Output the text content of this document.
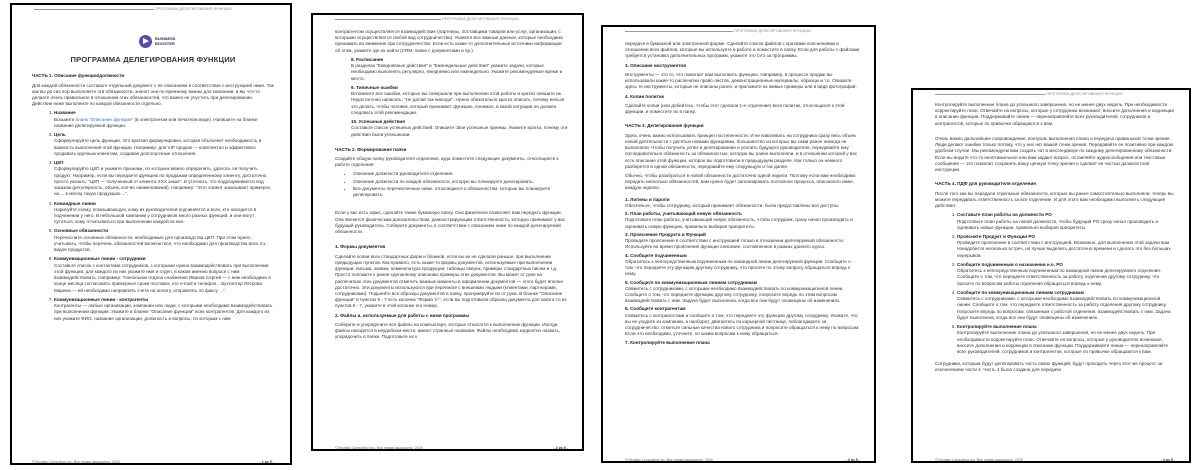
ПРОГРАММА ДЕЛЕГИРОВАНИЯ ФУНКЦИИ
BUSINESS
BOOSTER
ПРОГРАММА ДЕЛЕГИРОВАНИЯ ФУНКЦИИ
ЧАСТЬ 1. Описание функции/должности

Для каждой обязанности составьте отдельный документ с ее описанием в соответствии с инструкцией ниже. Так как вы до сих пор выполняете эти обязанности, значит они по-прежнему важны для компании, и вы что-то делаете очень правильное в отношении этих обязанностей, что важно не упустить при делегировании. Действие ниже выполните по каждой обязанности отдельно.

1. Название
Возьмите бланк "Описание функции" (в электронном или печатном виде). Напишите на бланке название делегируемой функции.
2. Цель
Сформулируйте цель функции. Это краткая формулировка, которая объясняет необходимость и важность выполнения этой функции. Например: для VIP продаж — комплектно и эффективно продавать крупным клиентам, создавая долгосрочные отношения.
3. ЦКП
Сформулируйте ЦКП и укажите признаки, по которым можно определить, удалось ли получить продукт. Например, если вы передаете функцию по продажам определенному клиенту, достаточно просто указать: "ЦКП — полученный от клиента XXX заказ". И уточнить, что подразумевается под заказом (регулярность, объем, кол-во наименований). Например: "Этот клиент заказывает примерно на ... в месяц такую продукцию ...".
4. Командные линии
Нарисуйте схему, показывающую, кому из руководителей подчиняется и всех, кто находится в подчинении у него. В небольшой компании у сотрудников много разных функций, и они могут путаться, кому отчитываться при выполнении каждой из них.
5. Основные обязанности
Перечислите основные обязанности, необходимые для производства ЦКП. При этом нужно учитывать, чтобы перечень обязанностей включал все, что необходимо для производства всех 4-х видов продуктов.
6. Коммуникационные линии - сотрудники
Составьте список с контактами сотрудников, с которыми нужно взаимодействовать при выполнении этой функции, для каждого из них укажите имя и отдел, в каком именно вопросе с ним взаимодействовать. Например: "Начальник отдела снабжения Иванов Сергей — с ним необходимо в конце месяца согласовать примерные сроки поставок, его e-mail и телефон... Бухгалтер Петрова Марина — ей необходимо направлять счета на оплату, отправлять по факсу ...".
7. Коммуникационные линии - контрагенты
Контрагенты — любые организации, компании или люди, с которыми необходимо взаимодействовать при выполнении функции. Укажите в бланке "Описание функции" всех контрагентов. Для каждого из них укажите ФИО, название организации, должность и вопросы, по которым с ним
©Visotsky Consulting Inc. Все права защищены. 2020	- 1 из 5 -
ПРОГРАММА ДЕЛЕГИРОВАНИЯ ФУНКЦИИ

контрагентом осуществляется взаимодействие (партнеры, поставщики товаров или услуг, организации, с которыми осуществляется любой вид сотрудничества). Укажите все важные данные, которые необходимо принимать во внимание при сотрудничестве. Если есть какие-то дополнительные источники информации об этом, укажите где их найти (CRM, папки с документами и пр.).

8. Расписание
В разделах "Ежедневные действия" и "Еженедельные действия" укажите задачи, которые необходимо выполнять регулярно, ежедневно или еженедельно. Укажите рекомендуемое время и место.
9. Типичные ошибки
Вспомните все ошибки, которые вы совершали при выполнении этой работы и кратко опишите их. Недостаточно написать: "Не делай так никогда". Нужно обязательно кратко описать, почему нельзя это делать, чтобы человек, который принимает функцию, понимал, в какой ситуации он должен следовать этой рекомендации.
10. Успешные действия
Составьте список успешных действий. Опишите свои успешные приемы. Укажите кратко, почему эти действия были успешными.
ЧАСТЬ 2. Формирование папки

Создайте общую папку руководителя отделения, куда поместите следующие документы, относящиеся к работе отделения:

• Описание должности руководителя отделения.
• Описание должности по каждой обязанности, которую вы планируете делегировать.
• Все документы перечисленные ниже, относящиеся к обязанностям, которые вы планируете делегировать.

Если у вас есть офис, сделайте также бумажную папку. Она физически позволяет вам передать функции. Она является физическим доказательством, демонстрирующим ответственность, которую принимает у вас будущий руководитель. Соберите документы, в соответствии с описанием ниже по каждой делегируемой обязанности.

1. Формы документов

Сделайте копии всех стандартных форм и бланков, если вы их не сделали раньше, при выполнении предыдущих пунктов. Как правило, есть какие-то формы документов, используемые при выполнении функции: письма, заявки, номенклатура продукции, таблицы сверок, примеры стандартных писем и т.д. Просто положите к ранее сделанному описанию примеры этих документов. Вы может от руки на распечатках этих документов отметить важные моменты в оформлении документов — этого будет вполне достаточно. Эти документы используются при переписке с внешними людьми (клиентами, партнерами, сотрудниками). Подшейте все образцы документов в папку, пронумеруйте их от руки. В бланке "Описание функции" в пунктах 5 - 7 есть колонка "Форма т/-", если вы подготовили образец документа для какого-то из пунктов 5 - 7, укажите в этой колонке его номер.

2. Файлы и, используемые для работы с ними программы

Соберите и упорядочите все файлы на компьютере, которые относятся к выполнению функции. Иногда файлы находятся в неудобном месте, имеют странные названия. Файлы необходимо корректно назвать, упорядочить в папки. Подготовьте их к

©Visotsky Consulting Inc. Все права защищены. 2020	- 2 из 5 -
ПРОГРАММА ДЕЛЕГИРОВАНИЯ ФУНКЦИИ

передаче в бумажной или электронной форме. Сделайте список файлов с краткими пояснениями в отношении всех файлов, которые вы используете в работе и поместите в папку. Если для работы с файлами требуется установка дополнительных программ, укажите это (это за программы.

3. Описание инструментов

Инструменты — это то, что помогает вам выполнить функцию. Например, в процессе продаж вы использовали какие-то распечатки прайс-листов, демонстрационные материалы, образцы и т.п. Опишите здесь те инструменты, которые не описаны ранее, и приложите их живые примеры или в виде фотографий.

4. Копии политик

Сделайте копии (или добейтесь, чтобы этот сделали 1-е отделение) всех политик, относящихся к этой функции, и поместите их в папку.

ЧАСТЬ 3. Делегирование функции

Здесь очень важно использовать принцип постепенности. И не взваливать на сотрудника сразу весь объем новой деятельности с десятью новыми функциями, большинство из которых вы сами ранее никогда не выполняли. Чтобы получить успех в делегировании и усилить будущего руководителя, передавайте ему последовательно обязанность за обязанностью, которую вы ранее выполняли, и в отношении которой у вас есть описание этой функции, которое вы подготовили в предыдущем разделе. Как только он немного разберется в одной обязанности, передавайте ему следующую и так далее.

Обычно, чтобы разобраться в новой обязанности достаточно одной недели. Поэтому если вам необходимо передать несколько обязанностей, вам нужно будет запланировать поэтапное процесса, описанного ниже, каждую неделю.

1. Логины и пароли
Обеспечьте, чтобы сотруднику, который принимает обязанности, были предоставлены все доступы.
2. План работы, учитывающий новую обязанность
Подготовьте план работы, учитывающий новую обязанность, чтобы сотрудник, сразу начал производить и оценивать новую функцию, правильно выбирая приоритеты.
3. Прояснение Продукта и Функций
Проведите прояснение в соответствии с инструкцией только в отношении делегируемой обязанности. Используйте во время прояснения функции описание, составленное в рамках данного курса.
4. Сообщите подчиненным
Обратитесь к непосредственным подчиненным по командной линии делегируемой функции. Сообщите о том, что передаете эту функцию другому сотруднику, что просите по этому вопросу обращаться впредь к нему.
5. Сообщите по коммуникационным линиям сотрудникам
Свяжитесь с сотрудниками, с которыми необходимо взаимодействовать по коммуникационной линии. Сообщите о том, что передаете функцию другому сотруднику, попросите впредь по этим вопросам взаимодействовать с ним. Задача будет выполнена, когда все они будут оповещены об изменениях.
6. Сообщите контрагентам
Свяжитесь с контрагентами и сообщите о том, что передаете эту функцию другому сотруднику. Укажите, что вы не уходите из компании, а наоборот, двигаетесь по карьерной лестнице, поблагодарите за сотрудничество, отметьте сильные качества нового сотрудника и попросите обращаться к нему по вопросам. Если это необходимо, уточните, по каким вопросам к нему обращаться.
7. Контролируйте выполнение плана
©Visotsky Consulting Inc. Все права защищены. 2020	- 3 из 5 -
ПРОГРАММА ДЕЛЕГИРОВАНИЯ ФУНКЦИИ

Контролируйте выполнение плана до успешного завершения, но не менее двух недель. При необходимости корректируйте план. Отвечайте на вопросы, которые у сотрудника возникают, вносите дополнения и коррекции в описание функции. Поддерживайте линии — перенаправляйте всех руководителей, сотрудников и контрагентов, которые по привычке обращаются к вам.

Очень важно дальнейшее сопровождение, контроль выполнения плана и передача правильной точки зрения. Люди делают ошибки только потому, что у них нет вашей точки зрения. Передавайте ее позитивно при каждом удобном случае. Мы рекомендуем вам создать чат в мессенджере по каждому делегированному обязанности. Если вы видите что-то неоптимальное или вам задают вопрос, оставляйте аудиосообщения или текстовые сообщения — это позволит сохранить вашу ценную точку зрения и сделает ее частью должностной инструкции.

ЧАСТЬ 4. ПДФ для руководителя отделения

После того как вы передали отдельные обязанности, которые вы ранее самостоятельно выполняли, теперь вы можете передавать ответственность за все отделение. И для этого вам необходимо выполнить следующие действия:

1. Составьте план работы на должности РО
Подготовьте план работы на новой должности, чтобы будущий РО сразу начал производить и оценивать новые функции, правильно выбирая приоритеты.
2. Проясните Продукт и Функции РО
Проведите прояснение в соответствии с инструкцией. Возможно, для выполнения этой задачи вам понадобится несколько встреч, но лучше выделить достаточно времени и сделать это без больших перерывов.
3. Сообщите подчиненным о назначении н.о. РО
Обратитесь к непосредственным подчиненным по командной линии делегируемого отделения. Сообщите о том, что передаете ответственность за работу отделения другому сотруднику, что просите по вопросам работы отделения обращаться впредь к нему.
4. Сообщите по коммуникационным линиям сотрудникам
Свяжитесь с сотрудниками, с которыми необходимо взаимодействовать по коммуникационной линии. Сообщите о том, что передаете ответственность за работу отделения другому сотруднику, попросите впредь по вопросам, связанным с работой отделения, взаимодействовать с ним. Задача будет выполнена, когда все они будут оповещены об изменениях.
5. Контролируйте выполнение плана
Контролируйте выполнение плана до успешного завершения, но не менее двух недель. При необходимости корректируйте план. Отвечайте на вопросы, которые у руководителя возникают, вносите дополнения и коррекции в описание функции. Поддерживайте линии — перенаправляйте всех руководителей, сотрудников и контрагентов, которые по привычке обращаются к вам.

Сотрудники, которым будут делегировать часть своих функций, будут проходить через этот же процесс за исключением части 4. Часть 4 была создана для передачи

©Visotsky Consulting Inc. Все права защищены. 2020	- 4 из 5 -
